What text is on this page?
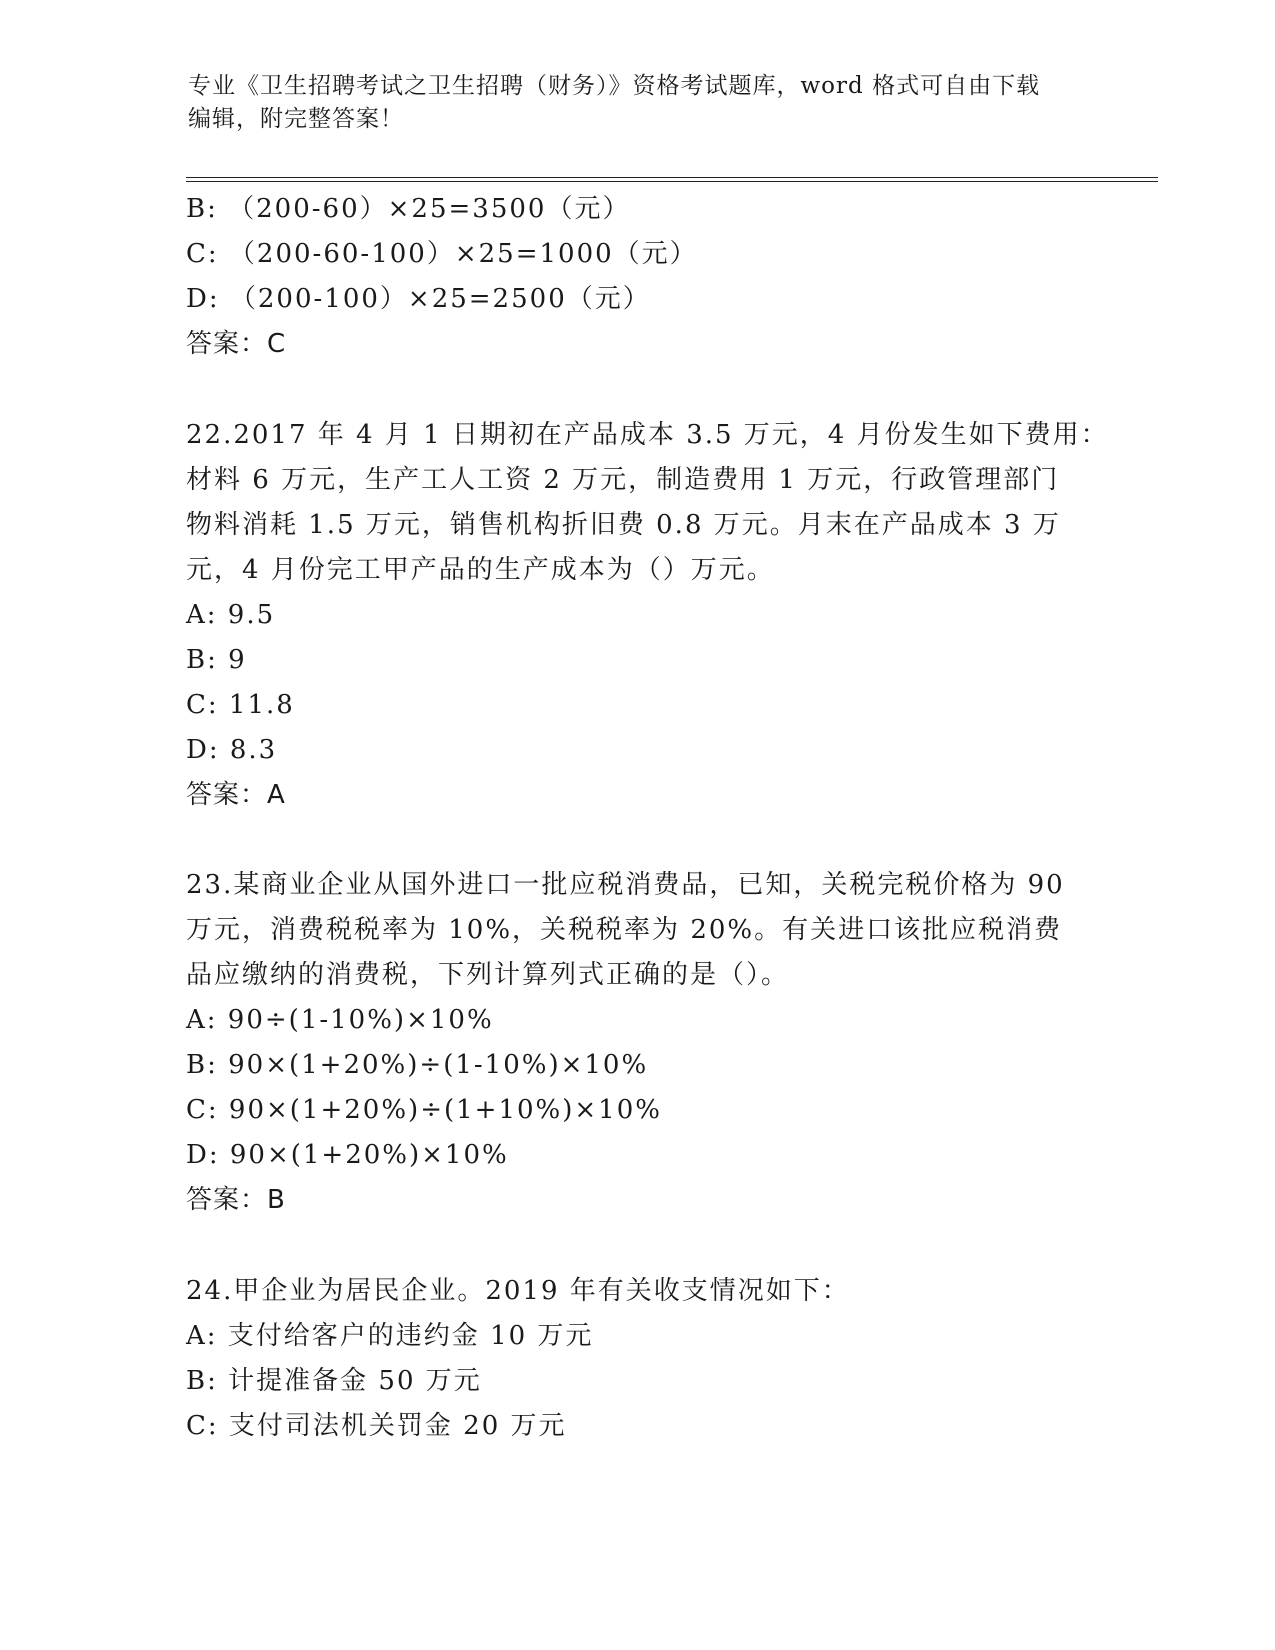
专业《卫生招聘考试之卫生招聘（财务）》资格考试题库，word 格式可自由下载
编辑，附完整答案！
B: （200-60）×25=3500（元）
C: （200-60-100）×25=1000（元）
D: （200-100）×25=2500（元）
答案：C
22.2017 年 4 月 1 日期初在产品成本 3.5 万元，4 月份发生如下费用：
材料 6 万元，生产工人工资 2 万元，制造费用 1 万元，行政管理部门
物料消耗 1.5 万元，销售机构折旧费 0.8 万元。月末在产品成本 3 万
元，4 月份完工甲产品的生产成本为（）万元。
A: 9.5
B: 9
C: 11.8
D: 8.3
答案：A
23.某商业企业从国外进口一批应税消费品，已知，关税完税价格为 90
万元，消费税税率为 10%，关税税率为 20%。有关进口该批应税消费
品应缴纳的消费税，下列计算列式正确的是（）。
A: 90÷(1-10%)×10%
B: 90×(1+20%)÷(1-10%)×10%
C: 90×(1+20%)÷(1+10%)×10%
D: 90×(1+20%)×10%
答案：B
24.甲企业为居民企业。2019 年有关收支情况如下：
A: 支付给客户的违约金 10 万元
B: 计提准备金 50 万元
C: 支付司法机关罚金 20 万元
